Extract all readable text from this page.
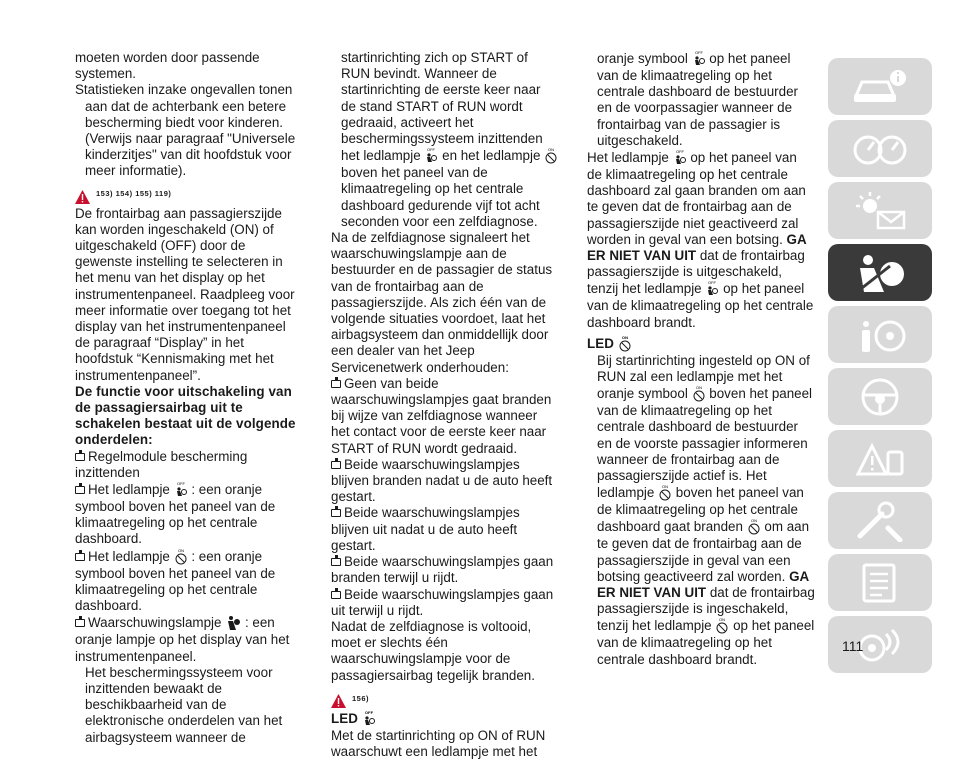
moeten worden door passende systemen.

Statistieken inzake ongevallen tonen

aan dat de achterbank een betere bescherming biedt voor kinderen. (Verwijs naar paragraaf "Universele kinderzitjes" van dit hoofdstuk voor meer informatie).

153) 154) 155) 119)

De frontairbag aan passagierszijde kan worden ingeschakeld (ON) of uitgeschakeld (OFF) door de gewenste instelling te selecteren in het menu van het display op het instrumentenpaneel. Raadpleeg voor meer informatie over toegang tot het display van het instrumentenpaneel de paragraaf “Display” in het hoofdstuk “Kennismaking met het instrumentenpaneel”.

De functie voor uitschakeling van de passagiersairbag uit te schakelen bestaat uit de volgende onderdelen:

Regelmodule bescherming inzittenden

Het ledlampje OFF : een oranje symbool boven het paneel van de klimaatregeling op het centrale dashboard.

Het ledlampje ON : een oranje symbool boven het paneel van de klimaatregeling op het centrale dashboard.

Waarschuwingslampje : een oranje lampje op het display van het instrumentenpaneel.

Het beschermingssysteem voor inzittenden bewaakt de beschikbaarheid van de elektronische onderdelen van het airbagsysteem wanneer de

startinrichting zich op START of RUN bevindt. Wanneer de startinrichting de eerste keer naar de stand START of RUN wordt gedraaid, activeert het beschermingssysteem inzittenden het ledlampje OFF en het ledlampje ON
boven het paneel van de klimaatregeling op het centrale dashboard gedurende vijf tot acht seconden voor een zelfdiagnose.

Na de zelfdiagnose signaleert het waarschuwingslampje aan de bestuurder en de passagier de status van de frontairbag aan de passagierszijde. Als zich één van de volgende situaties voordoet, laat het airbagsysteem dan onmiddellijk door een dealer van het Jeep Servicenetwerk onderhouden:

Geen van beide waarschuwingslampjes gaat branden bij wijze van zelfdiagnose wanneer het contact voor de eerste keer naar START of RUN wordt gedraaid.

Beide waarschuwingslampjes blijven branden nadat u de auto heeft gestart.

Beide waarschuwingslampjes blijven uit nadat u de auto heeft gestart.

Beide waarschuwingslampjes gaan branden terwijl u rijdt.

Beide waarschuwingslampjes gaan uit terwijl u rijdt.

Nadat de zelfdiagnose is voltooid, moet er slechts één waarschuwingslampje voor de passagiersairbag tegelijk branden.

156)

LED OFF

Met de startinrichting op ON of RUN waarschuwt een ledlampje met het

oranje symbool OFF op het paneel van de klimaatregeling op het centrale dashboard de bestuurder en de voorpassagier wanneer de frontairbag van de passagier is uitgeschakeld.

Het ledlampje OFF op het paneel van de klimaatregeling op het centrale dashboard zal gaan branden om aan te geven dat de frontairbag aan de passagierszijde niet geactiveerd zal worden in geval van een botsing. GA ER NIET VAN UIT dat de frontairbag passagierszijde is uitgeschakeld, tenzij het ledlampje OFF op het paneel van de klimaatregeling op het centrale dashboard brandt.

LED ON

Bij startinrichting ingesteld op ON of RUN zal een ledlampje met het oranje symbool ON boven het paneel van de klimaatregeling op het centrale dashboard de bestuurder en de voorste passagier informeren wanneer de frontairbag aan de passagierszijde actief is. Het ledlampje ON boven het paneel van de klimaatregeling op het centrale dashboard gaat branden ON om aan te geven dat de frontairbag aan de passagierszijde in geval van een botsing geactiveerd zal worden. GA ER NIET VAN UIT dat de frontairbag passagierszijde is ingeschakeld, tenzij het ledlampje ON op het paneel van de klimaatregeling op het centrale dashboard brandt.

111
